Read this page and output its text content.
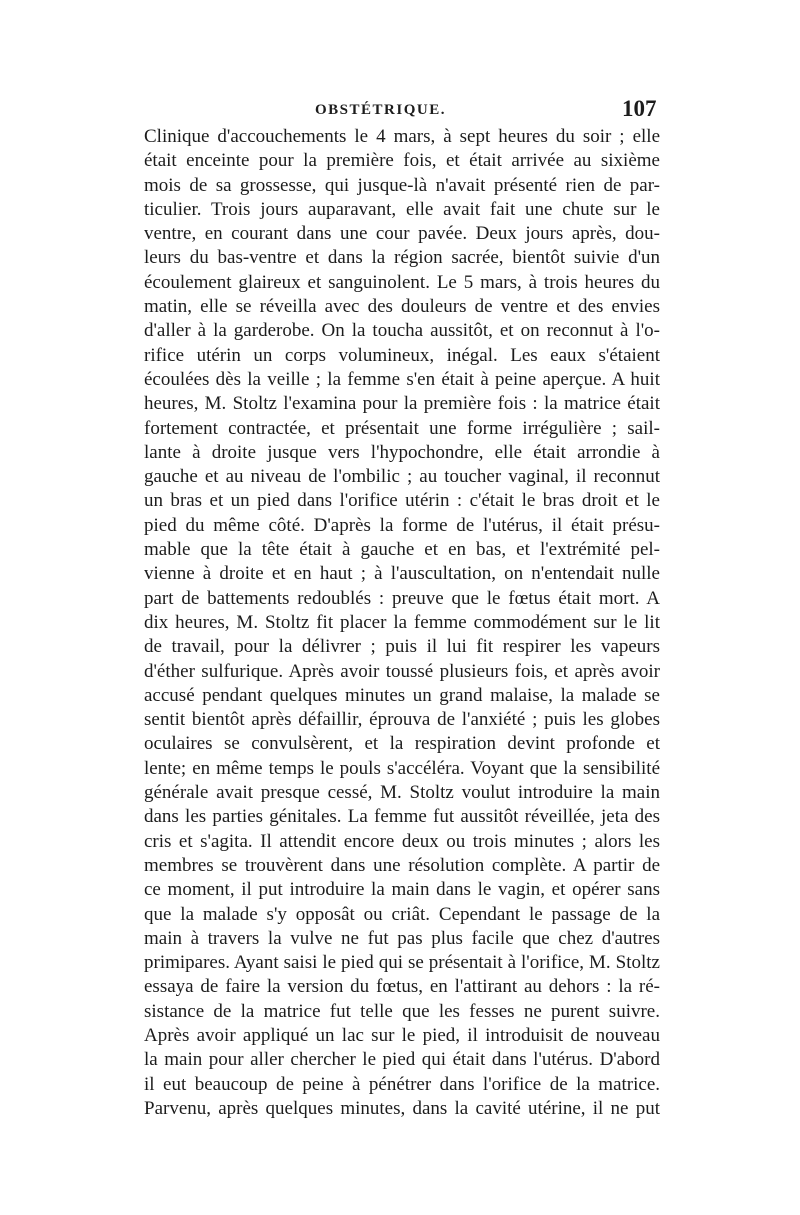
OBSTÉTRIQUE.	107
Clinique d'accouchements le 4 mars, à sept heures du soir ; elle
était enceinte pour la première fois, et était arrivée au sixième
mois de sa grossesse, qui jusque-là n'avait présenté rien de par-
ticulier. Trois jours auparavant, elle avait fait une chute sur le
ventre, en courant dans une cour pavée. Deux jours après, dou-
leurs du bas-ventre et dans la région sacrée, bientôt suivie d'un
écoulement glaireux et sanguinolent. Le 5 mars, à trois heures du
matin, elle se réveilla avec des douleurs de ventre et des envies
d'aller à la garderobe. On la toucha aussitôt, et on reconnut à l'o-
rifice utérin un corps volumineux, inégal. Les eaux s'étaient
écoulées dès la veille ; la femme s'en était à peine aperçue. A huit
heures, M. Stoltz l'examina pour la première fois : la matrice était
fortement contractée, et présentait une forme irrégulière ; sail-
lante à droite jusque vers l'hypochondre, elle était arrondie à
gauche et au niveau de l'ombilic ; au toucher vaginal, il reconnut
un bras et un pied dans l'orifice utérin : c'était le bras droit et le
pied du même côté. D'après la forme de l'utérus, il était présu-
mable que la tête était à gauche et en bas, et l'extrémité pel-
vienne à droite et en haut ; à l'auscultation, on n'entendait nulle
part de battements redoublés : preuve que le fœtus était mort. A
dix heures, M. Stoltz fit placer la femme commodément sur le lit
de travail, pour la délivrer ; puis il lui fit respirer les vapeurs
d'éther sulfurique. Après avoir toussé plusieurs fois, et après avoir
accusé pendant quelques minutes un grand malaise, la malade se
sentit bientôt après défaillir, éprouva de l'anxiété ; puis les globes
oculaires se convulsèrent, et la respiration devint profonde et
lente; en même temps le pouls s'accéléra. Voyant que la sensibilité
générale avait presque cessé, M. Stoltz voulut introduire la main
dans les parties génitales. La femme fut aussitôt réveillée, jeta des
cris et s'agita. Il attendit encore deux ou trois minutes ; alors les
membres se trouvèrent dans une résolution complète. A partir de
ce moment, il put introduire la main dans le vagin, et opérer sans
que la malade s'y opposât ou criât. Cependant le passage de la
main à travers la vulve ne fut pas plus facile que chez d'autres
primipares. Ayant saisi le pied qui se présentait à l'orifice, M. Stoltz
essaya de faire la version du fœtus, en l'attirant au dehors : la ré-
sistance de la matrice fut telle que les fesses ne purent suivre.
Après avoir appliqué un lac sur le pied, il introduisit de nouveau
la main pour aller chercher le pied qui était dans l'utérus. D'abord
il eut beaucoup de peine à pénétrer dans l'orifice de la matrice.
Parvenu, après quelques minutes, dans la cavité utérine, il ne put
